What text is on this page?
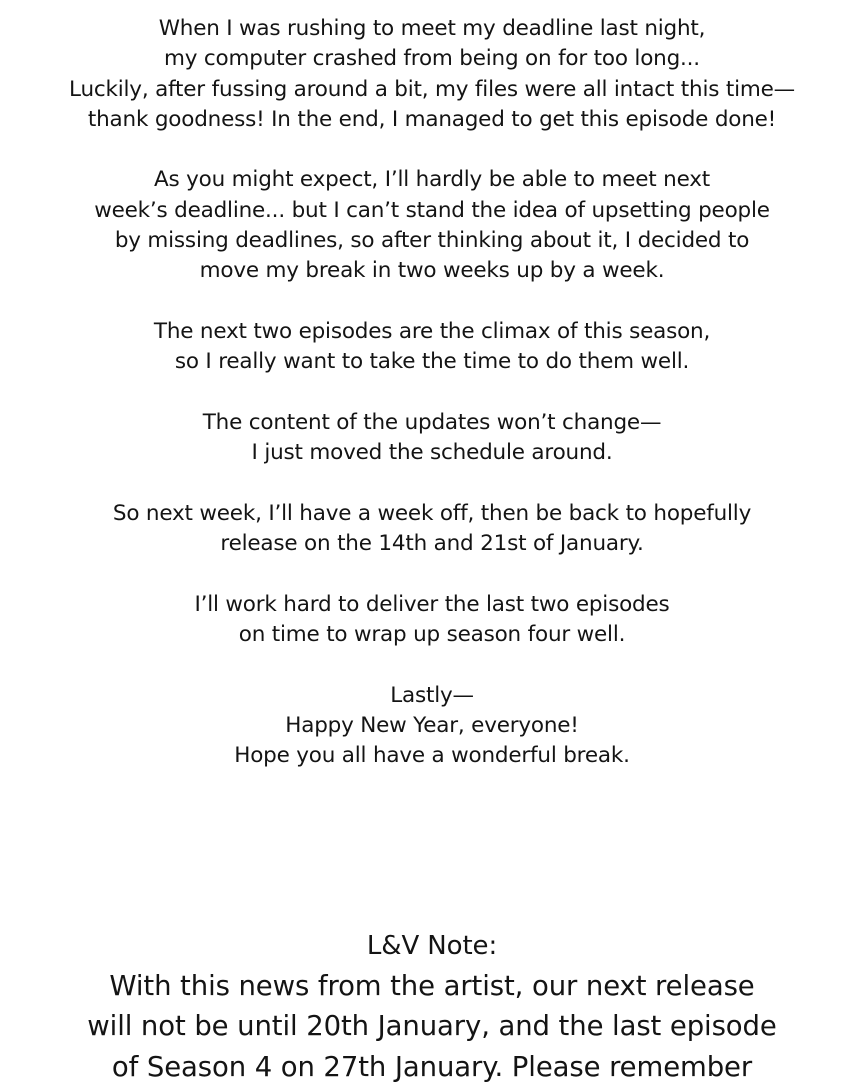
When I was rushing to meet my deadline last night,
my computer crashed from being on for too long...
Luckily, after fussing around a bit, my files were all intact this time—
thank goodness! In the end, I managed to get this episode done!
As you might expect, I’ll hardly be able to meet next
week’s deadline... but I can’t stand the idea of upsetting people
by missing deadlines, so after thinking about it, I decided to
move my break in two weeks up by a week.
The next two episodes are the climax of this season,
so I really want to take the time to do them well.
The content of the updates won’t change—
I just moved the schedule around.
So next week, I’ll have a week off, then be back to hopefully
release on the 14th and 21st of January.
I’ll work hard to deliver the last two episodes
on time to wrap up season four well.
Lastly—
Happy New Year, everyone!
Hope you all have a wonderful break.
L&V Note:
With this news from the artist, our next release
will not be until 20th January, and the last episode
of Season 4 on 27th January. Please remember
